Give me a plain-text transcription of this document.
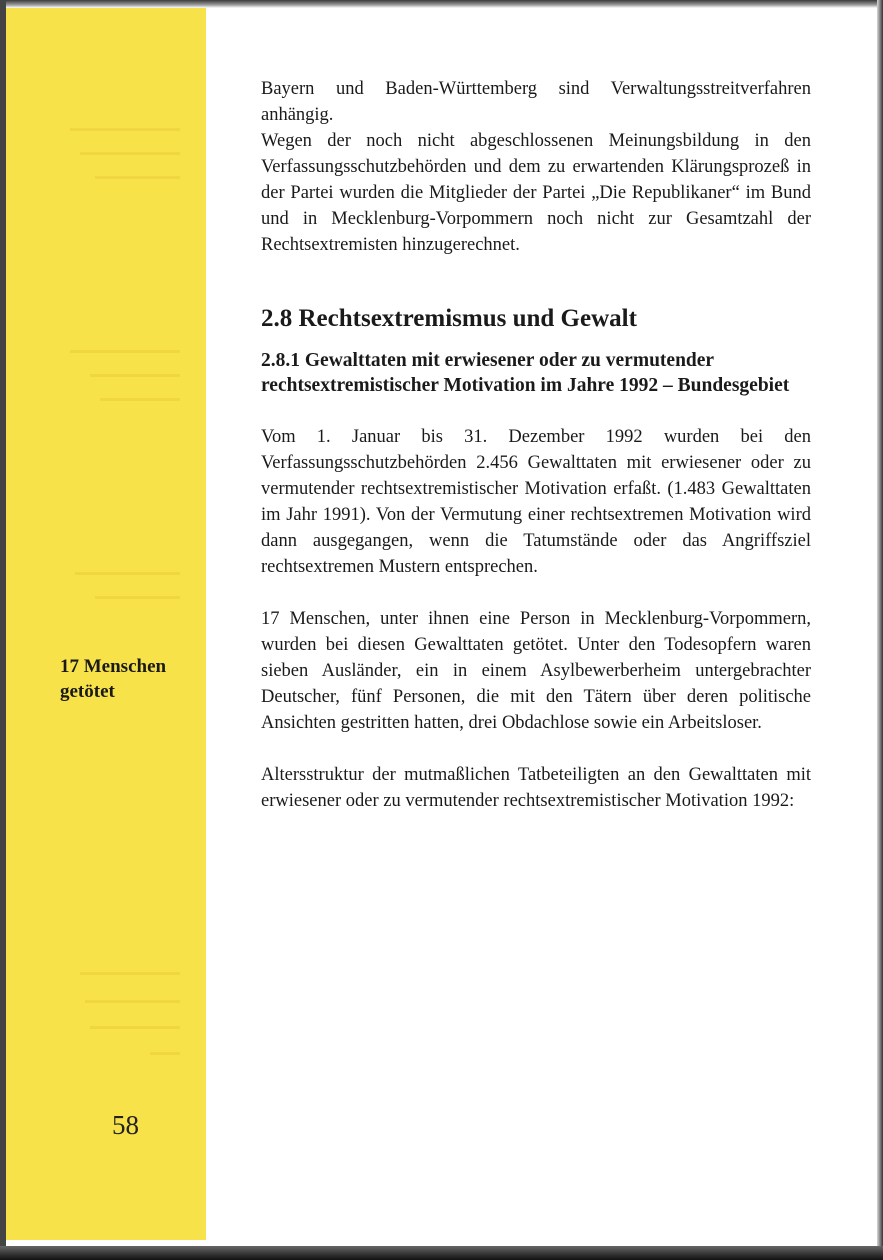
17 Menschen getötet
58

Bayern und Baden-Württemberg sind Verwaltungsstreitverfahren anhängig.

Wegen der noch nicht abgeschlossenen Meinungsbildung in den Verfassungsschutzbehörden und dem zu erwartenden Klärungsprozeß in der Partei wurden die Mitglieder der Partei „Die Republikaner“ im Bund und in Mecklenburg-Vorpommern noch nicht zur Gesamtzahl der Rechtsextremisten hinzugerechnet.

2.8 Rechtsextremismus und Gewalt
2.8.1 Gewalttaten mit erwiesener oder zu vermutender rechtsextremistischer Motivation im Jahre 1992 – Bundesgebiet

Vom 1. Januar bis 31. Dezember 1992 wurden bei den Verfassungsschutzbehörden 2.456 Gewalttaten mit erwiesener oder zu vermutender rechtsextremistischer Motivation erfaßt. (1.483 Gewalttaten im Jahr 1991). Von der Vermutung einer rechtsextremen Motivation wird dann ausgegangen, wenn die Tatumstände oder das Angriffsziel rechtsextremen Mustern entsprechen.

17 Menschen, unter ihnen eine Person in Mecklenburg-Vorpommern, wurden bei diesen Gewalttaten getötet. Unter den Todesopfern waren sieben Ausländer, ein in einem Asylbewerberheim untergebrachter Deutscher, fünf Personen, die mit den Tätern über deren politische Ansichten gestritten hatten, drei Obdachlose sowie ein Arbeitsloser.

Altersstruktur der mutmaßlichen Tatbeteiligten an den Gewalttaten mit erwiesener oder zu vermutender rechtsextremistischer Motivation 1992:
